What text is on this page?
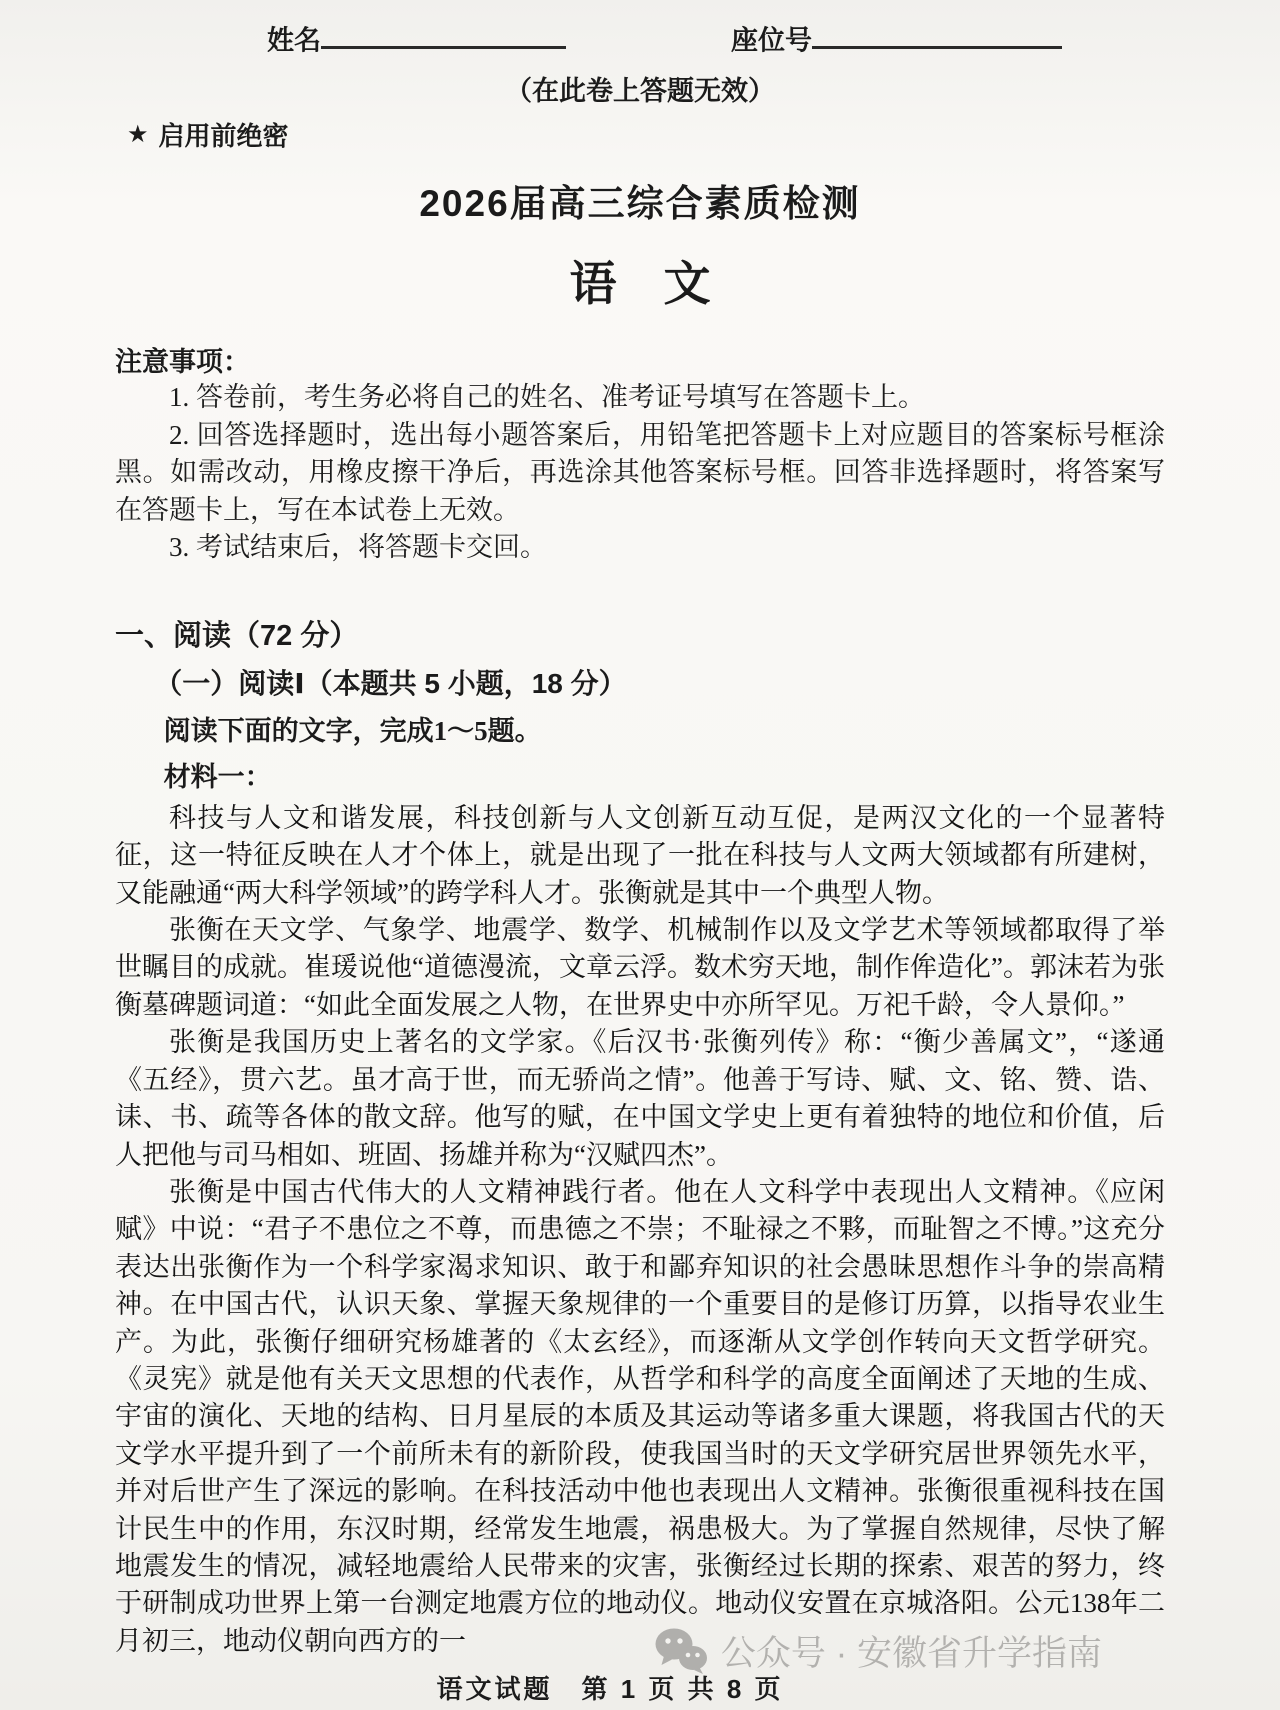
姓名	座位号
（在此卷上答题无效）
★ 启用前绝密
2026届高三综合素质检测
语　文

注意事项：

1. 答卷前，考生务必将自己的姓名、准考证号填写在答题卡上。

2. 回答选择题时，选出每小题答案后，用铅笔把答题卡上对应题目的答案标号框涂黑。如需改动，用橡皮擦干净后，再选涂其他答案标号框。回答非选择题时，将答案写在答题卡上，写在本试卷上无效。

3. 考试结束后，将答题卡交回。

一、阅读（72 分）

（一）阅读Ⅰ（本题共 5 小题，18 分）

阅读下面的文字，完成1～5题。

材料一：

科技与人文和谐发展，科技创新与人文创新互动互促，是两汉文化的一个显著特征，这一特征反映在人才个体上，就是出现了一批在科技与人文两大领域都有所建树，又能融通“两大科学领域”的跨学科人才。张衡就是其中一个典型人物。

张衡在天文学、气象学、地震学、数学、机械制作以及文学艺术等领域都取得了举世瞩目的成就。崔瑗说他“道德漫流，文章云浮。数术穷天地，制作侔造化”。郭沫若为张衡墓碑题词道：“如此全面发展之人物，在世界史中亦所罕见。万祀千龄，令人景仰。”

张衡是我国历史上著名的文学家。《后汉书·张衡列传》称：“衡少善属文”，“遂通《五经》，贯六艺。虽才高于世，而无骄尚之情”。他善于写诗、赋、文、铭、赞、诰、诔、书、疏等各体的散文辞。他写的赋，在中国文学史上更有着独特的地位和价值，后人把他与司马相如、班固、扬雄并称为“汉赋四杰”。

张衡是中国古代伟大的人文精神践行者。他在人文科学中表现出人文精神。《应闲赋》中说：“君子不患位之不尊，而患德之不崇；不耻禄之不夥，而耻智之不博。”这充分表达出张衡作为一个科学家渴求知识、敢于和鄙弃知识的社会愚昧思想作斗争的崇高精神。在中国古代，认识天象、掌握天象规律的一个重要目的是修订历算，以指导农业生产。为此，张衡仔细研究杨雄著的《太玄经》，而逐渐从文学创作转向天文哲学研究。《灵宪》就是他有关天文思想的代表作，从哲学和科学的高度全面阐述了天地的生成、宇宙的演化、天地的结构、日月星辰的本质及其运动等诸多重大课题，将我国古代的天文学水平提升到了一个前所未有的新阶段，使我国当时的天文学研究居世界领先水平，并对后世产生了深远的影响。在科技活动中他也表现出人文精神。张衡很重视科技在国计民生中的作用，东汉时期，经常发生地震，祸患极大。为了掌握自然规律，尽快了解地震发生的情况，减轻地震给人民带来的灾害，张衡经过长期的探索、艰苦的努力，终于研制成功世界上第一台测定地震方位的地动仪。地动仪安置在京城洛阳。公元138年二月初三，地动仪朝向西方的一	公众号 · 安徽省升学指南
语文试题　第 1 页 共 8 页
